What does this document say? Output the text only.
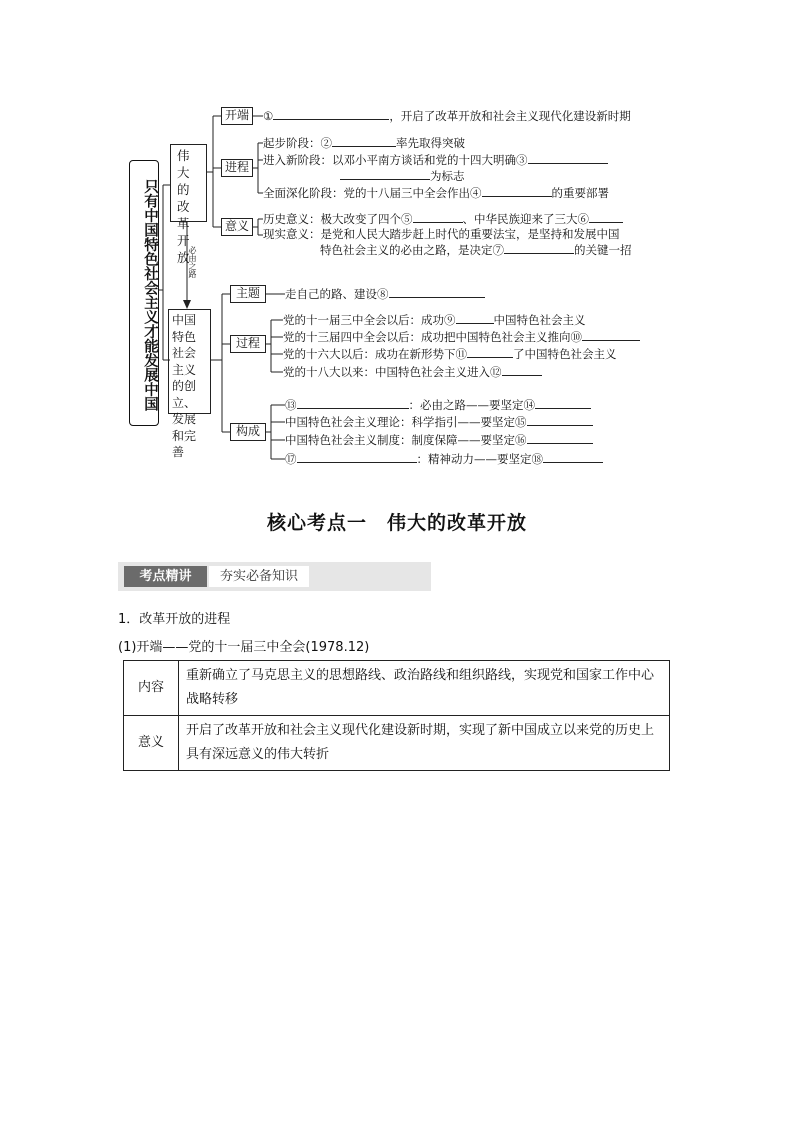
只有中国特色社会主义才能发展中国
伟大的改革开放
必由之路
中国特色社会主义的创立、发展和完善
开端
进程
意义
主题
过程
构成
①	，开启了改革开放和社会主义现代化建设新时期
起步阶段：②	率先取得突破
进入新阶段：以邓小平南方谈话和党的十四大明确③
为标志
全面深化阶段：党的十八届三中全会作出④	的重要部署
历史意义：极大改变了四个⑤	、中华民族迎来了三大⑥
现实意义：是党和人民大踏步赶上时代的重要法宝，是坚持和发展中国
特色社会主义的必由之路，是决定⑦	的关键一招
走自己的路、建设⑧
党的十一届三中全会以后：成功⑨	中国特色社会主义
党的十三届四中全会以后：成功把中国特色社会主义推向⑩
党的十六大以后：成功在新形势下⑪	了中国特色社会主义
党的十八大以来：中国特色社会主义进入⑫
⑬	：必由之路——要坚定⑭
中国特色社会主义理论：科学指引——要坚定⑮
中国特色社会主义制度：制度保障——要坚定⑯
⑰	：精神动力——要坚定⑱
核心考点一　伟大的改革开放
考点精讲	夯实必备知识
1．改革开放的进程
(1)开端——党的十一届三中全会(1978.12)
内容	重新确立了马克思主义的思想路线、政治路线和组织路线，实现党和国家工作中心战略转移
意义	开启了改革开放和社会主义现代化建设新时期，实现了新中国成立以来党的历史上具有深远意义的伟大转折
